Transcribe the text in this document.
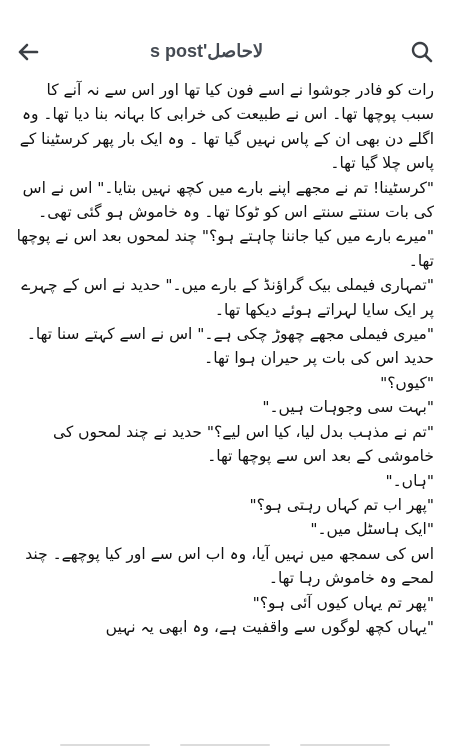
لاحاصل's post

رات کو فادر جوشوا نے اسے فون کیا تھا اور اس سے نہ آنے کا سبب پوچھا تھا۔ اس نے طبیعت کی خرابی کا بہانہ بنا دیا تھا۔ وہ اگلے دن بھی ان کے پاس نہیں گیا تھا ۔ وہ ایک بار پھر کرسٹینا کے پاس چلا گیا تھا۔

"کرسٹینا! تم نے مجھے اپنے بارے میں کچھ نہیں بتایا۔" اس نے اس کی بات سنتے سنتے اس کو ٹوکا تھا۔ وہ خاموش ہو گئی تھی۔

"میرے بارے میں کیا جاننا چاہتے ہو؟" چند لمحوں بعد اس نے پوچھا تھا۔

"تمہاری فیملی بیک گراؤنڈ کے بارے میں۔" حدید نے اس کے چہرے پر ایک سایا لہراتے ہوئے دیکھا تھا۔

"میری فیملی مجھے چھوڑ چکی ہے۔" اس نے اسے کہتے سنا تھا۔

حدید اس کی بات پر حیران ہوا تھا۔

"کیوں؟"

"بہت سی وجوہات ہیں۔"

"تم نے مذہب بدل لیا، کیا اس لیے؟" حدید نے چند لمحوں کی خاموشی کے بعد اس سے پوچھا تھا۔

"ہاں۔"

"پھر اب تم کہاں رہتی ہو؟"

"ایک ہاسٹل میں۔"

اس کی سمجھ میں نہیں آیا، وہ اب اس سے اور کیا پوچھے۔ چند لمحے وہ خاموش رہا تھا۔

"پھر تم یہاں کیوں آئی ہو؟"

"یہاں کچھ لوگوں سے واقفیت ہے، وہ ابھی یہ نہیں
